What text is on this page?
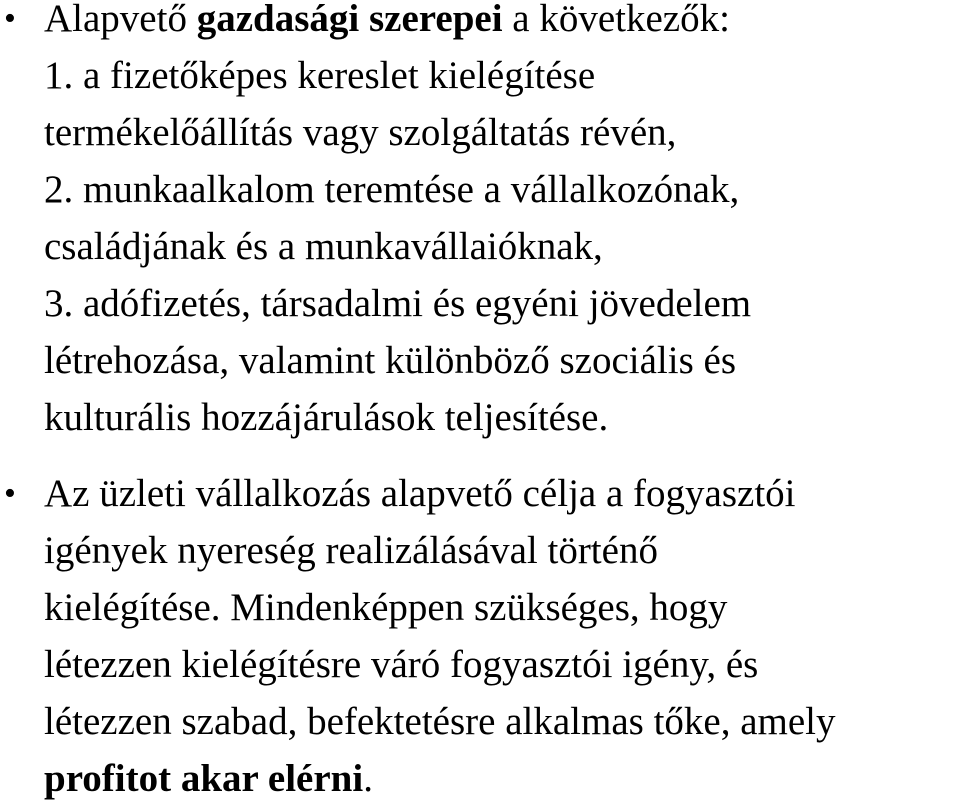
• Alapvető gazdasági szerepei a következők:
1. a fizetőképes kereslet kielégítése
termékelőállítás vagy szolgáltatás révén,
2. munkaalkalom teremtése a vállalkozónak,
családjának és a munkavállaióknak,
3. adófizetés, társadalmi és egyéni jövedelem
létrehozása, valamint különböző szociális és
kulturális hozzájárulások teljesítése.
• Az üzleti vállalkozás alapvető célja a fogyasztói
igények nyereség realizálásával történő
kielégítése. Mindenképpen szükséges, hogy
létezzen kielégítésre váró fogyasztói igény, és
létezzen szabad, befektetésre alkalmas tőke, amely
profitot akar elérni.
